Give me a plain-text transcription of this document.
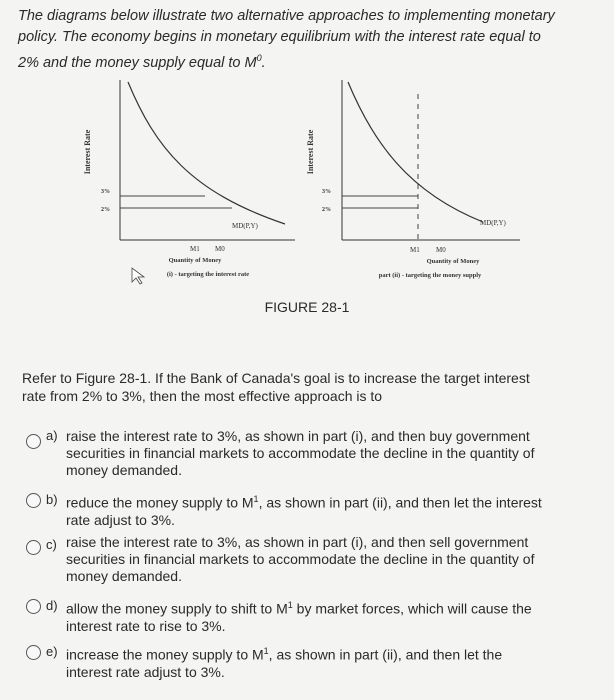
The diagrams below illustrate two alternative approaches to implementing monetary
policy. The economy begins in monetary equilibrium with the interest rate equal to
2% and the money supply equal to $M^0$.
Interest Rate
3%
2%
MD(P,Y)
M1 M0
Quantity of Money
(i) - targeting the interest rate
Interest Rate
3%
2%
MD(P,Y)
M1 M0
Quantity of Money
part (ii) - targeting the money supply
FIGURE 28-1
Refer to Figure 28-1. If the Bank of Canada's goal is to increase the target interest
rate from 2% to 3%, then the most effective approach is to
a) raise the interest rate to 3%, as shown in part (i), and then buy government
securities in financial markets to accommodate the decline in the quantity of
money demanded.
b) reduce the money supply to $M^1$, as shown in part (ii), and then let the interest
rate adjust to 3%.
c) raise the interest rate to 3%, as shown in part (i), and then sell government
securities in financial markets to accommodate the decline in the quantity of
money demanded.
d) allow the money supply to shift to $M^1$ by market forces, which will cause the
interest rate to rise to 3%.
e) increase the money supply to $M^1$, as shown in part (ii), and then let the
interest rate adjust to 3%.
